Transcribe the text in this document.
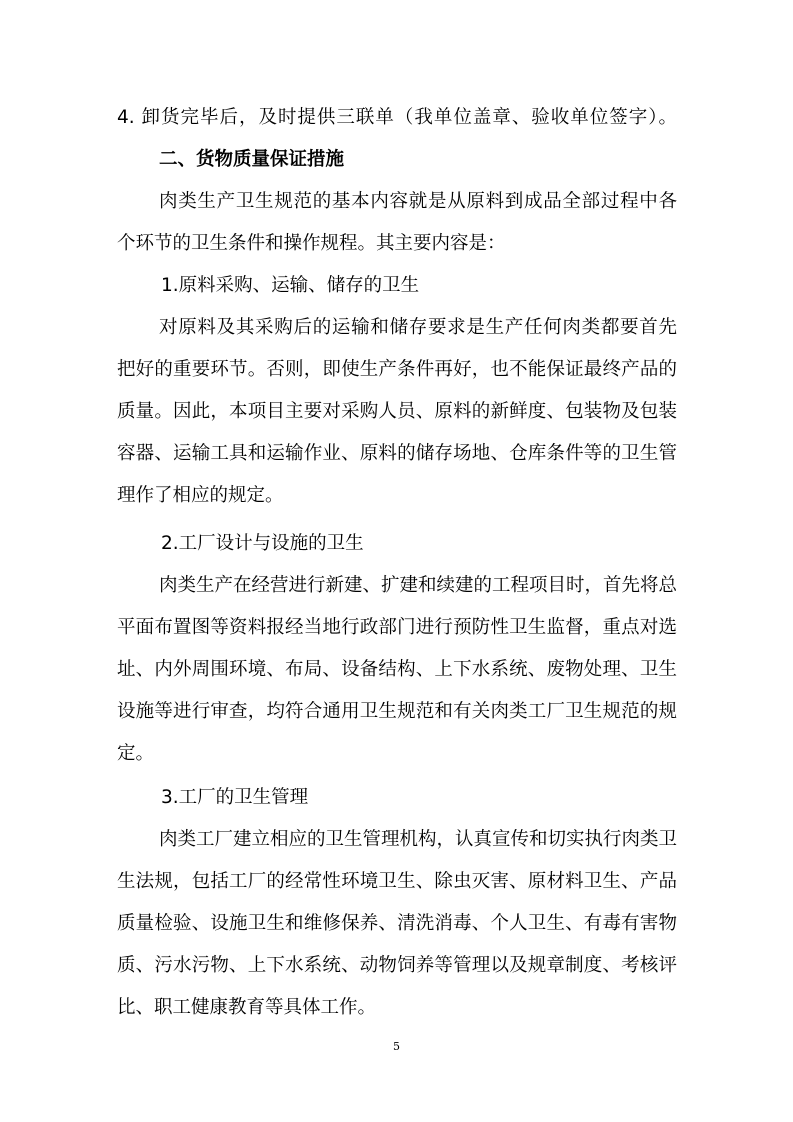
4. 卸货完毕后，及时提供三联单（我单位盖章、验收单位签字）。

二、货物质量保证措施

肉类生产卫生规范的基本内容就是从原料到成品全部过程中各

个环节的卫生条件和操作规程。其主要内容是：

1.原料采购、运输、储存的卫生

对原料及其采购后的运输和储存要求是生产任何肉类都要首先

把好的重要环节。否则，即使生产条件再好，也不能保证最终产品的

质量。因此，本项目主要对采购人员、原料的新鲜度、包装物及包装

容器、运输工具和运输作业、原料的储存场地、仓库条件等的卫生管

理作了相应的规定。

2.工厂设计与设施的卫生

肉类生产在经营进行新建、扩建和续建的工程项目时，首先将总

平面布置图等资料报经当地行政部门进行预防性卫生监督，重点对选

址、内外周围环境、布局、设备结构、上下水系统、废物处理、卫生

设施等进行审查，均符合通用卫生规范和有关肉类工厂卫生规范的规

定。

3.工厂的卫生管理

肉类工厂建立相应的卫生管理机构，认真宣传和切实执行肉类卫

生法规，包括工厂的经常性环境卫生、除虫灭害、原材料卫生、产品

质量检验、设施卫生和维修保养、清洗消毒、个人卫生、有毒有害物

质、污水污物、上下水系统、动物饲养等管理以及规章制度、考核评

比、职工健康教育等具体工作。

5
